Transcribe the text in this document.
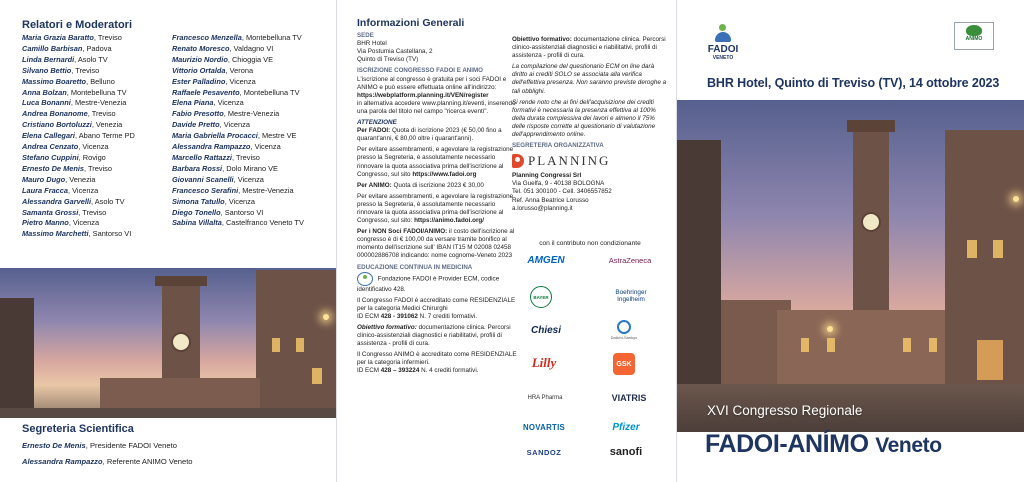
Relatori e Moderatori
Maria Grazia Baratto, Treviso
Camillo Barbisan, Padova
Linda Bernardi, Asolo TV
Silvano Bettio, Treviso
Massimo Boaretto, Belluno
Anna Bolzan, Montebelluna TV
Luca Bonanni, Mestre-Venezia
Andrea Bonanome, Treviso
Cristiano Bortoluzzi, Venezia
Elena Callegari, Abano Terme PD
Andrea Cenzato, Vicenza
Stefano Cuppini, Rovigo
Ernesto De Menis, Treviso
Mauro Dugo, Venezia
Laura Fracca, Vicenza
Alessandra Garvelli, Asolo TV
Samanta Grossi, Treviso
Pietro Manno, Vicenza
Massimo Marchetti, Santorso VI
Francesco Menzella, Montebelluna TV
Renato Moresco, Valdagno VI
Maurizio Nordio, Chioggia VE
Vittorio Ortalda, Verona
Ester Palladino, Vicenza
Raffaele Pesavento, Montebelluna TV
Elena Piana, Vicenza
Fabio Presotto, Mestre-Venezia
Davide Pretto, Vicenza
Maria Gabriella Procacci, Mestre VE
Alessandra Rampazzo, Vicenza
Marcello Rattazzi, Treviso
Barbara Rossi, Dolo Mirano VE
Giovanni Scanelli, Vicenza
Francesco Serafini, Mestre-Venezia
Simona Tatullo, Vicenza
Diego Tonello, Santorso VI
Sabina Villalta, Castelfranco Veneto TV
Segreteria Scientifica
Ernesto De Menis, Presidente FADOI Veneto
Alessandra Rampazzo, Referente ANIMO Veneto
Informazioni Generali
SEDE
BHR Hotel
Via Postumia Castellana, 2
Quinto di Treviso (TV)
ISCRIZIONE CONGRESSO FADOI E ANIMO
L'iscrizione al congresso è gratuita per i soci FADOI e ANIMO e può essere effettuata online all'indirizzo:
https://webplatform.planning.it/VEN/register
in alternativa accedere www.planning.it/eventi, inserendo una parola del titolo nel campo "ricerca eventi".
ATTENZIONE
Per FADOI: Quota di iscrizione 2023 (€ 50,00 fino a quarant'anni, € 80,00 oltre i quarant'anni).
Per evitare assembramenti, e agevolare la registrazione presso la Segreteria, è assolutamente necessario rinnovare la quota associativa prima dell'iscrizione al Congresso, sul sito https://www.fadoi.org
Per ANIMO: Quota di iscrizione 2023 € 30,00
Per evitare assembramenti, e agevolare la registrazione presso la Segreteria, è assolutamente necessario rinnovare la quota associativa prima dell'iscrizione al Congresso, sul sito: https://animo.fadoi.org/
Per i NON Soci FADOI/ANIMO: il costo dell'iscrizione al congresso è di € 100,00 da versare tramite bonifico al momento dell'iscrizione sull' IBAN IT15 M 02008 02458 000002886708 indicando: nome cognome-Veneto 2023
EDUCAZIONE CONTINUA IN MEDICINA
Fondazione FADOI è Provider ECM, codice identificativo 428.
Il Congresso FADOI è accreditato come RESIDENZIALE per la categoria Medici Chirurghi
ID ECM 428 - 391062 N. 7 crediti formativi.
Obiettivo formativo: documentazione clinica. Percorsi clinico-assistenziali diagnostici e riabilitativi, profili di assistenza - profili di cura.
Il Congresso ANIMO è accreditato come RESIDENZIALE per la categoria infermieri.
ID ECM 428 – 393224 N. 4 crediti formativi.
Obiettivo formativo: documentazione clinica. Percorsi clinico-assistenziali diagnostici e riabilitativi, profili di assistenza - profili di cura.
La compilazione del questionario ECM on line darà diritto ai crediti SOLO se associata alla verifica dell'effettiva presenza. Non saranno previste deroghe a tali obblighi.
Si rende noto che ai fini dell'acquisizione dei crediti formativi è necessaria la presenza effettiva al 100% della durata complessiva dei lavori e almeno il 75% delle risposte corrette al questionario di valutazione dell'apprendimento online.
SEGRETERIA ORGANIZZATIVA
PLANNING
Planning Congressi Srl
Via Guelfa, 9 - 40138 BOLOGNA
Tel. 051 300100 - Cell. 3406557852
Ref. Anna Beatrice Lorusso
a.lorusso@planning.it
con il contributo non condizionante
AMGEN	AstraZeneca
BAYER
Boehringer
Ingelheim
Chiesi
Daiichi-Sankyo
Lilly	GSK
HRA Pharma	VIATRIS
NOVARTIS	Pfizer
SANDOZ	sanofi
FADOI
VENETO
ANIMO
BHR Hotel, Quinto di Treviso (TV), 14 ottobre 2023
XVI Congresso Regionale
FADOI-ANÍMO Veneto
